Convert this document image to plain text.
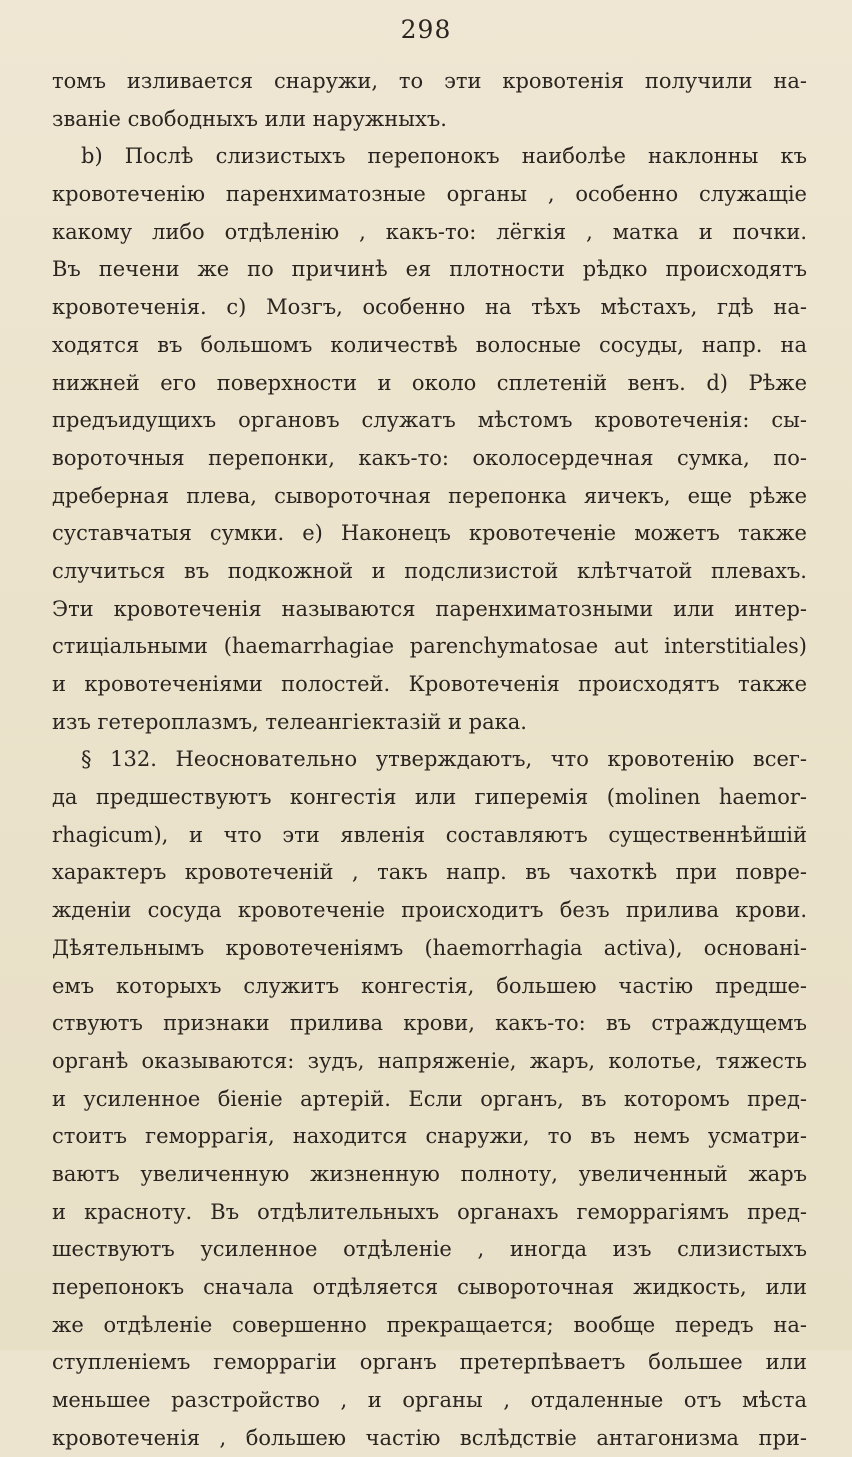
298
томъ изливается снаружи, то эти кровотенія получили на-
званіе свободныхъ или наружныхъ.
b) Послѣ слизистыхъ перепонокъ наиболѣе наклонны къ
кровотеченію паренхиматозные органы , особенно служащіе
какому либо отдѣленію , какъ-то: лёгкія , матка и почки.
Въ печени же по причинѣ ея плотности рѣдко происходятъ
кровотеченія. с) Мозгъ, особенно на тѣхъ мѣстахъ, гдѣ на-
ходятся въ большомъ количествѣ волосные сосуды, напр. на
нижней его поверхности и около сплетеній венъ. d) Рѣже
предъидущихъ органовъ служатъ мѣстомъ кровотеченія: сы-
вороточныя перепонки, какъ-то: околосердечная сумка, по-
дреберная плева, сывороточная перепонка яичекъ, еще рѣже
суставчатыя сумки. е) Наконецъ кровотеченіе можетъ также
случиться въ подкожной и подслизистой клѣтчатой плевахъ.
Эти кровотеченія называются паренхиматозными или интер-
стиціальными (haemarrhagiae parenchymatosae aut interstitiales)
и кровотеченіями полостей. Кровотеченія происходятъ также
изъ гетероплазмъ, телеангіектазій и рака.
§ 132. Неосновательно утверждаютъ, что кровотенію всег-
да предшествуютъ конгестія или гиперемія (molinen haemor-
rhagicum), и что эти явленія составляютъ существеннѣйшій
характеръ кровотеченій , такъ напр. въ чахоткѣ при повре-
жденіи сосуда кровотеченіе происходитъ безъ прилива крови.
Дѣятельнымъ кровотеченіямъ (haemorrhagia activa), основані-
емъ которыхъ служитъ конгестія, большею частію предше-
ствуютъ признаки прилива крови, какъ-то: въ страждущемъ
органѣ оказываются: зудъ, напряженіе, жаръ, колотье, тяжесть
и усиленное біеніе артерій. Если органъ, въ которомъ пред-
стоитъ геморрагія, находится снаружи, то въ немъ усматри-
ваютъ увеличенную жизненную полноту, увеличенный жаръ
и красноту. Въ отдѣлительныхъ органахъ геморрагіямъ пред-
шествуютъ усиленное отдѣленіе , иногда изъ слизистыхъ
перепонокъ сначала отдѣляется сывороточная жидкость, или
же отдѣленіе совершенно прекращается; вообще передъ на-
ступленіемъ геморрагіи органъ претерпѣваетъ большее или
меньшее разстройство , и органы , отдаленные отъ мѣста
кровотеченія , большею частію вслѣдствіе антагонизма при-
